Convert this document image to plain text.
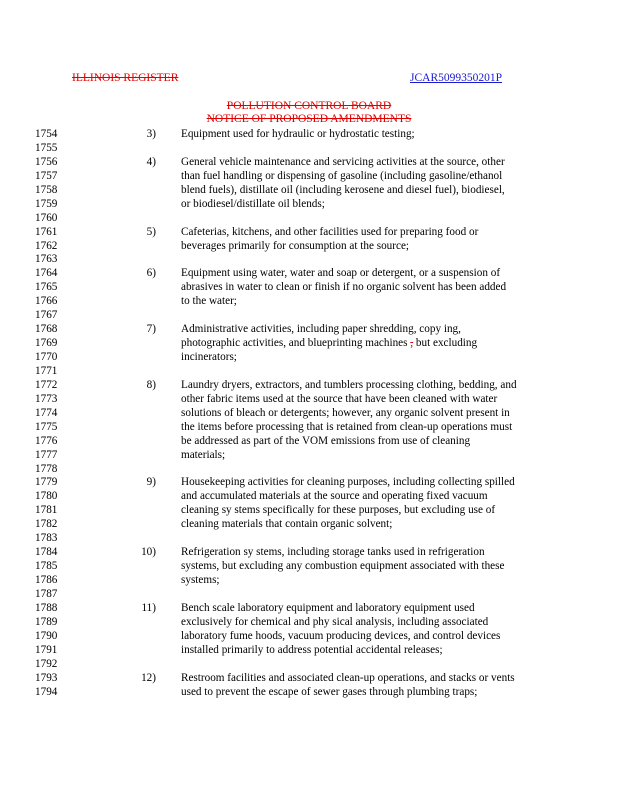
ILLINOIS REGISTER	JCAR5099350201P
POLLUTION CONTROL BOARD
NOTICE OF PROPOSED AMENDMENTS
1754	3) Equipment used for hydraulic or hydrostatic testing;
1755
1756	4) General vehicle maintenance and servicing activities at the source, other
1757	than fuel handling or dispensing of gasoline (including gasoline/ethanol
1758	blend fuels), distillate oil (including kerosene and diesel fuel), biodiesel,
1759	or biodiesel/distillate oil blends;
1760
1761	5) Cafeterias, kitchens, and other facilities used for preparing food or
1762	beverages primarily for consumption at the source;
1763
1764	6) Equipment using water, water and soap or detergent, or a suspension of
1765	abrasives in water to clean or finish if no organic solvent has been added
1766	to the water;
1767
1768	7) Administrative activities, including paper shredding, copy ing,
1769	photographic activities, and blueprinting machines , but excluding
1770	incinerators;
1771
1772	8) Laundry dryers, extractors, and tumblers processing clothing, bedding, and
1773	other fabric items used at the source that have been cleaned with water
1774	solutions of bleach or detergents; however, any organic solvent present in
1775	the items before processing that is retained from clean-up operations must
1776	be addressed as part of the VOM emissions from use of cleaning
1777	materials;
1778
1779	9) Housekeeping activities for cleaning purposes, including collecting spilled
1780	and accumulated materials at the source and operating fixed vacuum
1781	cleaning sy stems specifically for these purposes, but excluding use of
1782	cleaning materials that contain organic solvent;
1783
1784	10) Refrigeration sy stems, including storage tanks used in refrigeration
1785	systems, but excluding any combustion equipment associated with these
1786	systems;
1787
1788	11) Bench scale laboratory equipment and laboratory equipment used
1789	exclusively for chemical and phy sical analysis, including associated
1790	laboratory fume hoods, vacuum producing devices, and control devices
1791	installed primarily to address potential accidental releases;
1792
1793	12) Restroom facilities and associated clean-up operations, and stacks or vents
1794	used to prevent the escape of sewer gases through plumbing traps;
